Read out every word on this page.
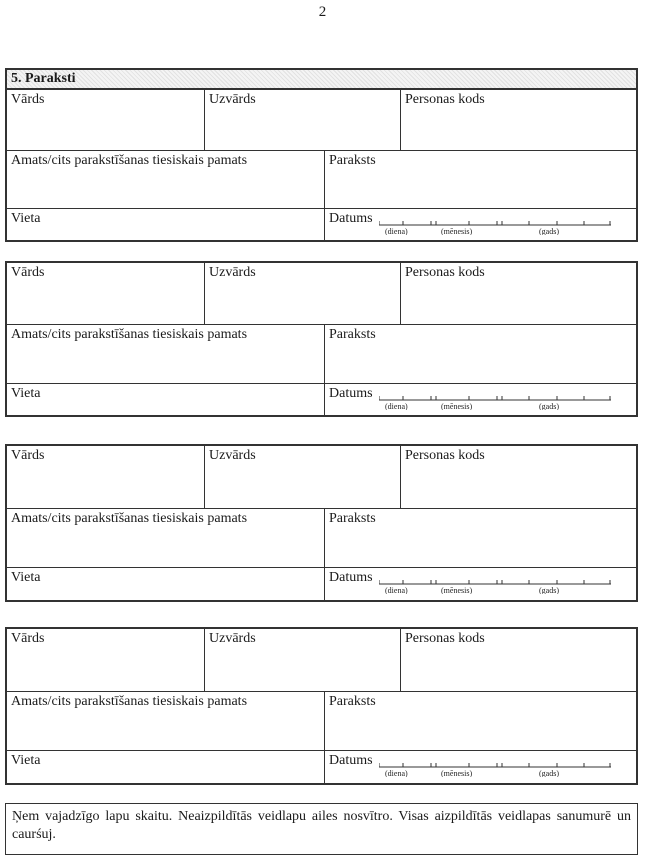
2
5. Paraksti
Vārds	Uzvārds	Personas kods
Amats/cits parakstīšanas tiesiskais pamats	Paraksts
Vieta	Datums
(diena)	(mēnesis)	(gads)
Vārds	Uzvārds	Personas kods
Amats/cits parakstīšanas tiesiskais pamats	Paraksts
Vieta	Datums
(diena)	(mēnesis)	(gads)
Vārds	Uzvārds	Personas kods
Amats/cits parakstīšanas tiesiskais pamats	Paraksts
Vieta	Datums
(diena)	(mēnesis)	(gads)
Vārds	Uzvārds	Personas kods
Amats/cits parakstīšanas tiesiskais pamats	Paraksts
Vieta	Datums
(diena)	(mēnesis)	(gads)
Ņem vajadzīgo lapu skaitu. Neaizpildītās veidlapu ailes nosvītro. Visas aizpildītās veidlapas sanumurē un caurśuj.
